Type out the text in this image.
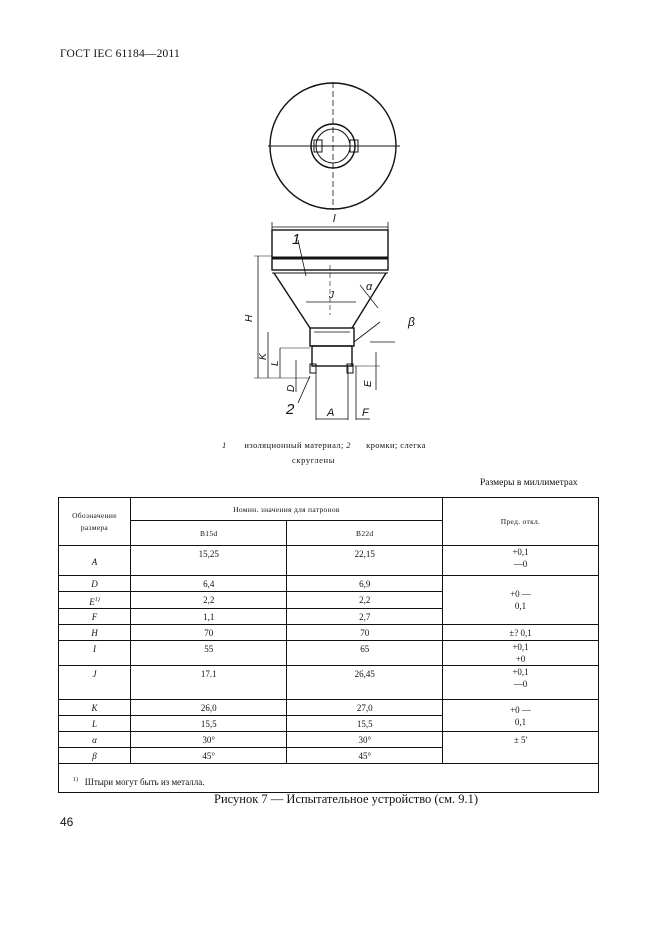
ГОСТ IEC 61184—2011
l
1
H
J
α
β
K
L
D
E
2	A	F
1 изоляционный материал; 2 кромки; слегка
скруглены
Размеры в миллиметрах
Обозначение размера	Номин. значения для патронов		Пред. откл.
	B15d	B22d	
A	15,25	22,15	+0,1 —0
D	6,4	6,9	+0 —0,1
$E^{1)}$	2,2	2,2	
F	1,1	2,7	
H	70	70	±? 0,1
I	55	65	+0,1 +0
J	17.1	26,45	+0,1 —0
K	26,0	27,0	+0 —0,1
L	15,5	15,5	
α	30°	30°	± 5'
β	45°	45°	
$^{1)}$ Штыри могут быть из металла.			
Рисунок 7 — Испытательное устройство (см. 9.1)
46
